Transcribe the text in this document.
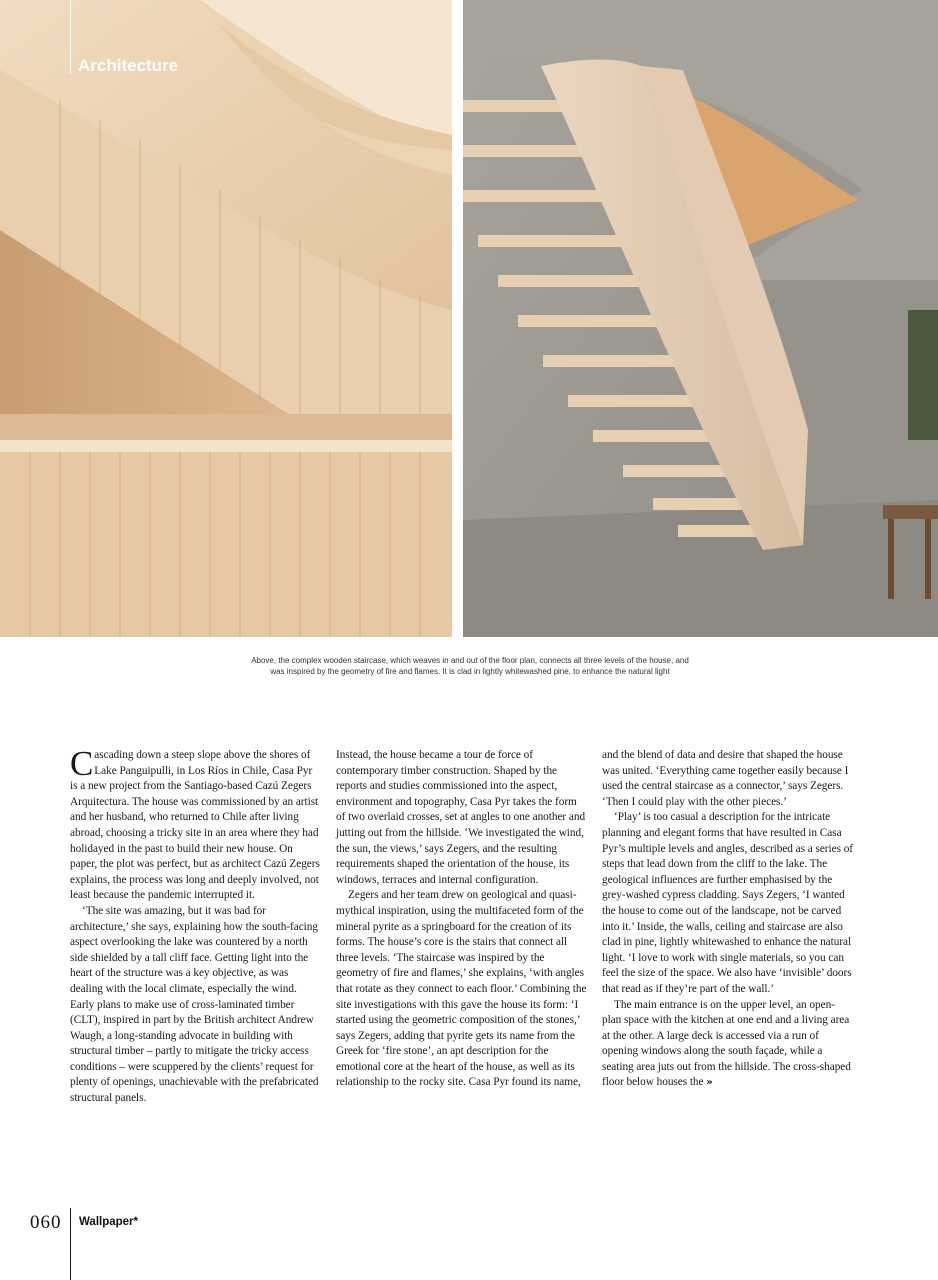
Architecture
Above, the complex wooden staircase, which weaves in and out of the floor plan, connects all three levels of the house, and
was inspired by the geometry of fire and flames. It is clad in lightly whitewashed pine, to enhance the natural light

Cascading down a steep slope above the shores of Lake Panguipulli, in Los Ríos in Chile, Casa Pyr is a new project from the Santiago-based Cazú Zegers Arquitectura. The house was commissioned by an artist and her husband, who returned to Chile after living abroad, choosing a tricky site in an area where they had holidayed in the past to build their new house. On paper, the plot was perfect, but as architect Cazú Zegers explains, the process was long and deeply involved, not least because the pandemic interrupted it.

‘The site was amazing, but it was bad for architecture,’ she says, explaining how the south-facing aspect overlooking the lake was countered by a north side shielded by a tall cliff face. Getting light into the heart of the structure was a key objective, as was dealing with the local climate, especially the wind. Early plans to make use of cross-laminated timber (CLT), inspired in part by the British architect Andrew Waugh, a long-standing advocate in building with structural timber – partly to mitigate the tricky access conditions – were scuppered by the clients’ request for plenty of openings, unachievable with the prefabricated structural panels.

Instead, the house became a tour de force of contemporary timber construction. Shaped by the reports and studies commissioned into the aspect, environment and topography, Casa Pyr takes the form of two overlaid crosses, set at angles to one another and jutting out from the hillside. ‘We investigated the wind, the sun, the views,’ says Zegers, and the resulting requirements shaped the orientation of the house, its windows, terraces and internal configuration.

Zegers and her team drew on geological and quasi-mythical inspiration, using the multifaceted form of the mineral pyrite as a springboard for the creation of its forms. The house’s core is the stairs that connect all three levels. ‘The staircase was inspired by the geometry of fire and flames,’ she explains, ‘with angles that rotate as they connect to each floor.’ Combining the site investigations with this gave the house its form: ‘I started using the geometric composition of the stones,’ says Zegers, adding that pyrite gets its name from the Greek for ‘fire stone’, an apt description for the emotional core at the heart of the house, as well as its relationship to the rocky site. Casa Pyr found its name,

and the blend of data and desire that shaped the house was united. ‘Everything came together easily because I used the central staircase as a connector,’ says Zegers. ‘Then I could play with the other pieces.’

‘Play’ is too casual a description for the intricate planning and elegant forms that have resulted in Casa Pyr’s multiple levels and angles, described as a series of steps that lead down from the cliff to the lake. The geological influences are further emphasised by the grey-washed cypress cladding. Says Zegers, ‘I wanted the house to come out of the landscape, not be carved into it.’ Inside, the walls, ceiling and staircase are also clad in pine, lightly whitewashed to enhance the natural light. ‘I love to work with single materials, so you can feel the size of the space. We also have ‘invisible’ doors that read as if they’re part of the wall.’

The main entrance is on the upper level, an open-plan space with the kitchen at one end and a living area at the other. A large deck is accessed via a run of opening windows along the south façade, while a seating area juts out from the hillside. The cross-shaped floor below houses the »

060 Wallpaper*
